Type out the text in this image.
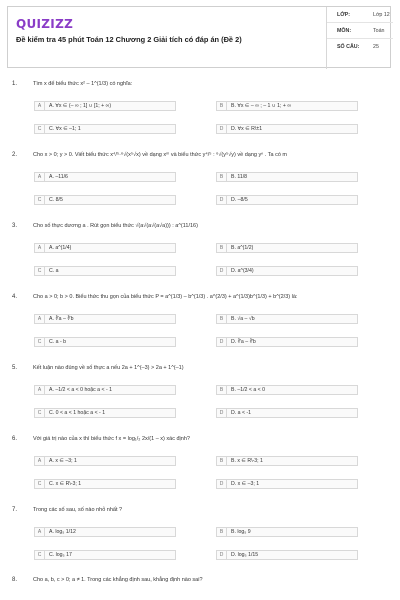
QUIZIZZ
Đề kiểm tra 45 phút Toán 12 Chương 2 Giải tích có đáp án (Đề 2)
LỚP:	Lớp 12
MÔN:	Toán
SỐ CÂU:	25
1.	Tìm x để biểu thức x² – 1^(1/3) có nghĩa:
A	A. ∀x ∈ (– ∞ ; 1] ∪ [1; + ∞)	B	B. ∀x ∈ – ∞ ; – 1 ∪ 1; + ∞
C	C. ∀x ∈ –1; 1	D	D. ∀x ∈ R\±1
2.	Cho x > 0; y > 0. Viết biểu thức x⁴/⁵·⁶√(x⁵√x) về dạng xᵐ và biểu thức y⁴/⁵ : ⁶√(y⁵√y) về dạng yⁿ . Ta có m
A	A. –11/6	B	B. 11/8
C	C. 8/5	D	D. –8/5
3.	Cho số thực dương a . Rút gọn biểu thức √(a√(a√(a√a))) : a^(11/16)
A	A. a^(1/4)	B	B. a^(1/2)
C	C. a	D	D. a^(3/4)
4.	Cho a > 0; b > 0. Biểu thức thu gọn của biểu thức P = a^(1/3) – b^(1/3) . a^(2/3) + a^(1/3)b^(1/3) + b^(2/3) là:
A	A. ∛a – ∛b	B	B. √a – √b
C	C. a - b	D	D. ∛a – ∛b
5.	Kết luận nào đúng về số thực a nếu 2a + 1^(–3) > 2a + 1^(–1)
A	A. –1/2 < a < 0 hoặc a < - 1	B	B. –1/2 < a < 0
C	C. 0 < a < 1 hoặc a < - 1	D	D. a < -1
6.	Với giá trị nào của x thì biểu thức f x = log₁/₂ 2x/(1 – x) xác định?
A	A. x ∈ –3; 1	B	B. x ∈ R\-3; 1
C	C. x ∈ R\-3; 1	D	D. x ∈ –3; 1
7.	Trong các số sau, số nào nhỏ nhất ?
A	A. log₅ 1/12	B	B. log₅ 9
C	C. log₅ 17	D	D. log₅ 1/15
8.	Cho a, b, c > 0; a ≠ 1. Trong các khẳng định sau, khẳng định nào sai?
